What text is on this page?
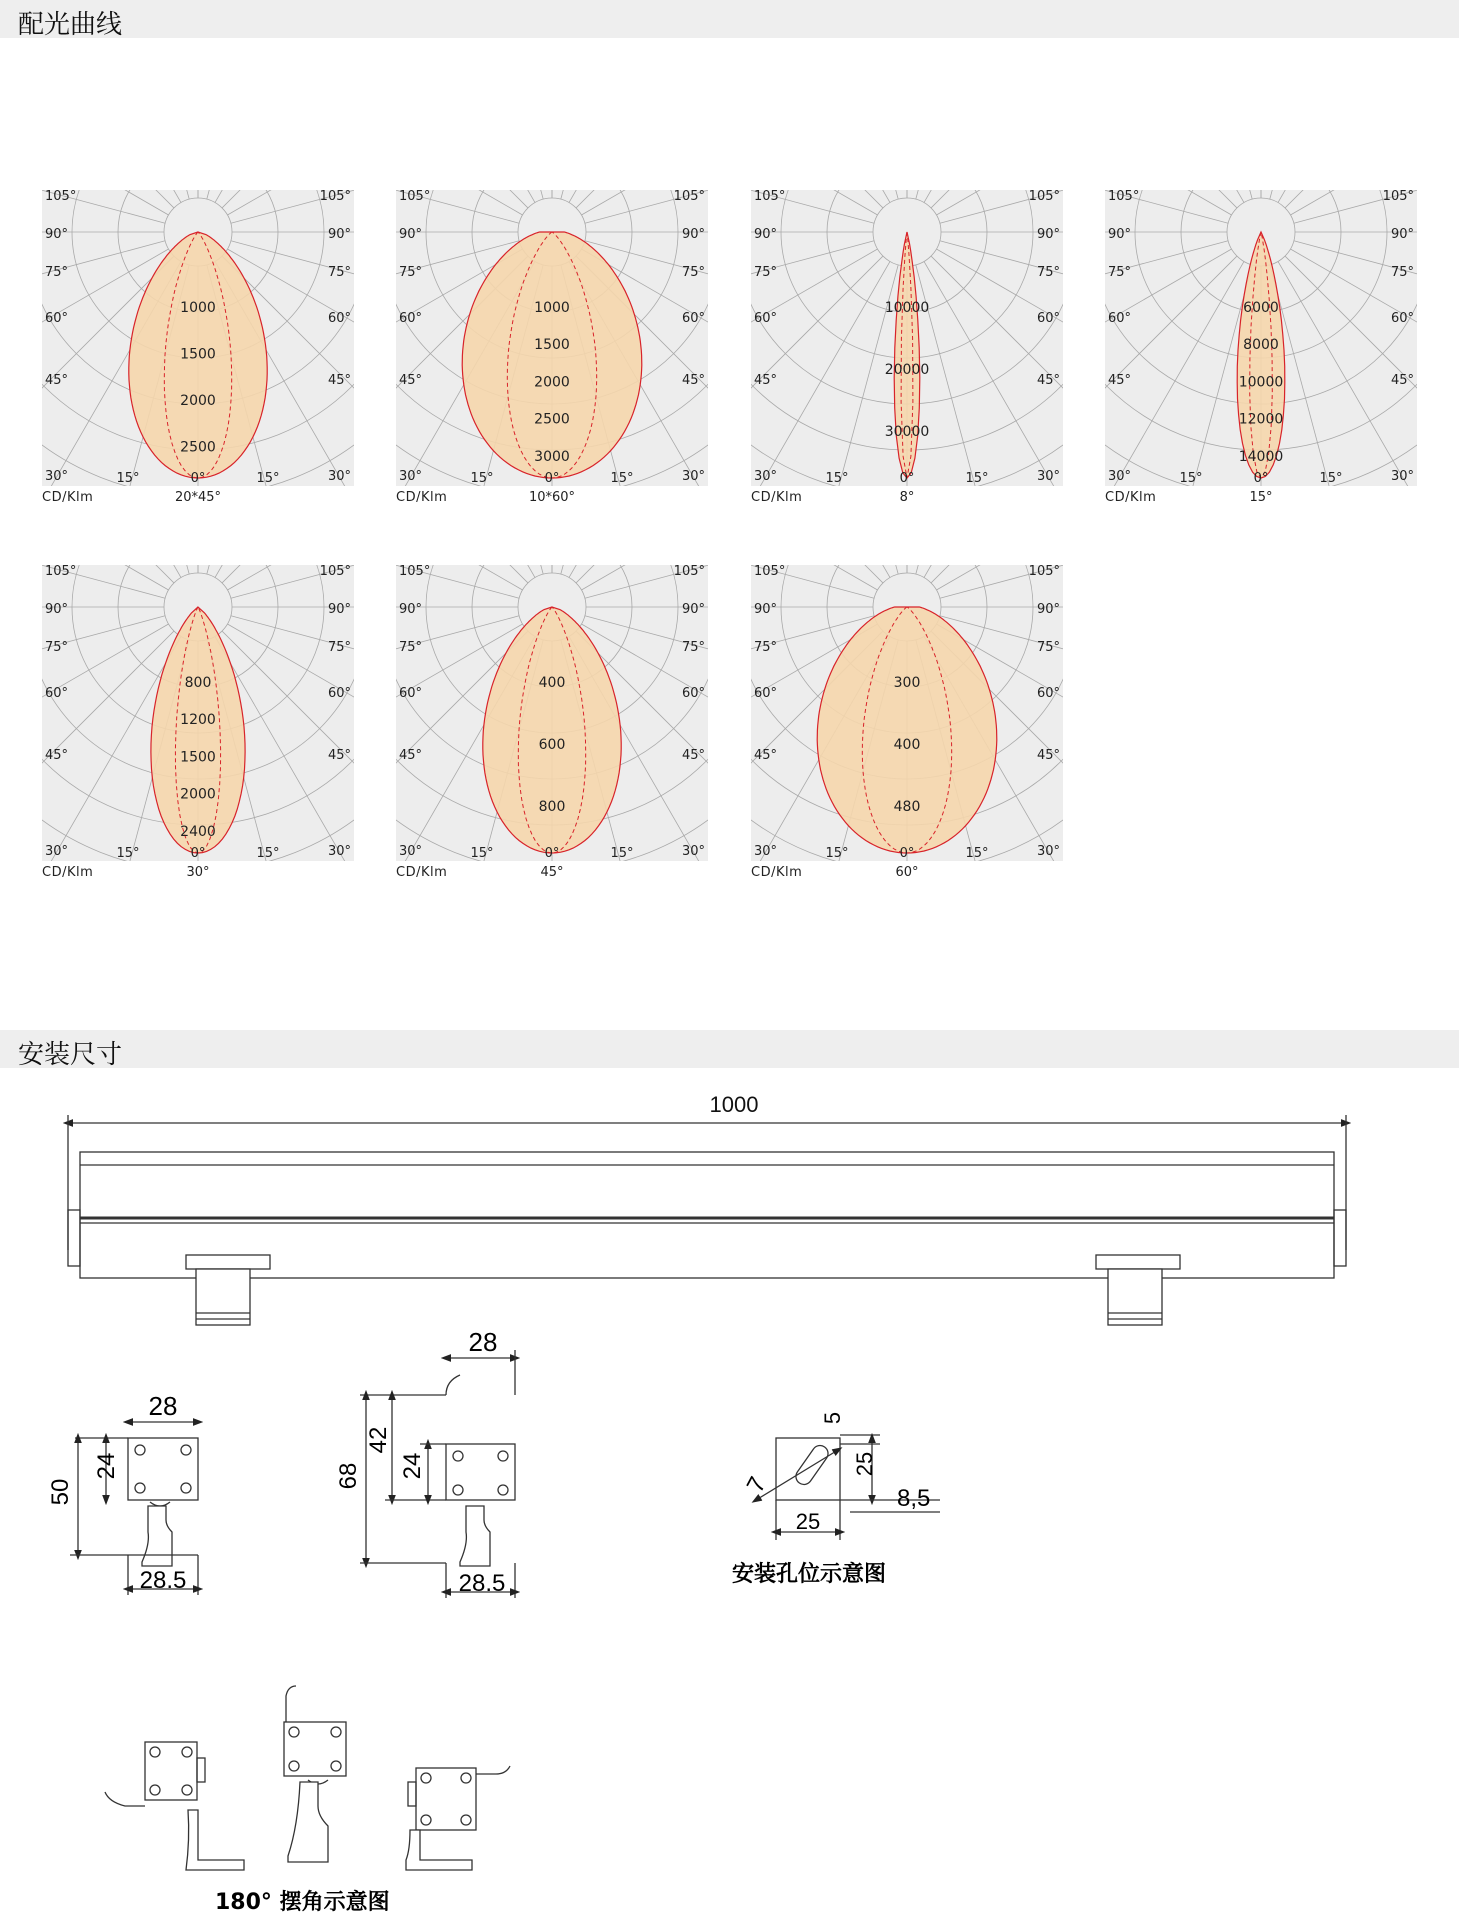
配光曲线
1000
1500
2000
2500
105°	105°
90°	90°
75°	75°
60°	60°
45°	45°
30°	30°
15°	0°	15°
CD/Klm	20*45°
1000
1500
2000
2500
3000
105°	105°
90°	90°
75°	75°
60°	60°
45°	45°
30°	30°
15°	0°	15°
CD/Klm	10*60°
10000
20000
30000
105°	105°
90°	90°
75°	75°
60°	60°
45°	45°
30°	30°
15°	0°	15°
CD/Klm	8°
6000
8000
10000
12000
14000
105°	105°
90°	90°
75°	75°
60°	60°
45°	45°
30°	30°
15°	0°	15°
CD/Klm	15°
800
1200
1500
2000
2400
105°	105°
90°	90°
75°	75°
60°	60°
45°	45°
30°	30°
15°	0°	15°
CD/Klm	30°
400
600
800
105°	105°
90°	90°
75°	75°
60°	60°
45°	45°
30°	30°
15°	0°	15°
CD/Klm	45°
300
400
480
105°	105°
90°	90°
75°	75°
60°	60°
45°	45°
30°	30°
15°	0°	15°
CD/Klm	60°
安装尺寸
1000
28
24
50
28.5
28
68
42
24
28.5
5
25
8,5
7
25
安装孔位示意图
180° 摆角示意图
